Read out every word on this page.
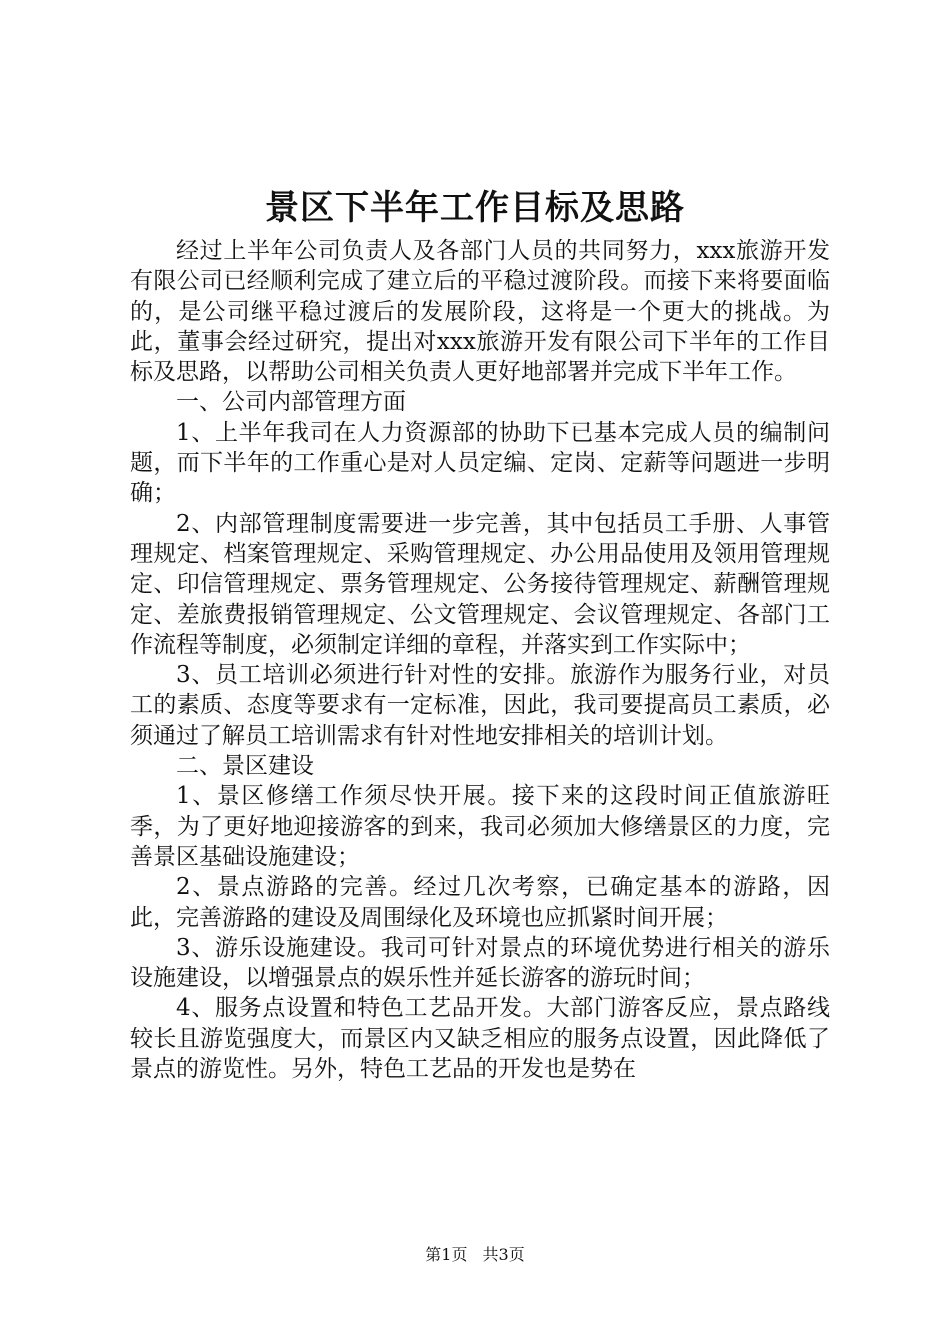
景区下半年工作目标及思路

经过上半年公司负责人及各部门人员的共同努力，xxx旅游开发有限公司已经顺利完成了建立后的平稳过渡阶段。而接下来将要面临的，是公司继平稳过渡后的发展阶段，这将是一个更大的挑战。为此，董事会经过研究，提出对xxx旅游开发有限公司下半年的工作目标及思路，以帮助公司相关负责人更好地部署并完成下半年工作。

一、公司内部管理方面

1、上半年我司在人力资源部的协助下已基本完成人员的编制问题，而下半年的工作重心是对人员定编、定岗、定薪等问题进一步明确；

2、内部管理制度需要进一步完善，其中包括员工手册、人事管理规定、档案管理规定、采购管理规定、办公用品使用及领用管理规定、印信管理规定、票务管理规定、公务接待管理规定、薪酬管理规定、差旅费报销管理规定、公文管理规定、会议管理规定、各部门工作流程等制度，必须制定详细的章程，并落实到工作实际中；

3、员工培训必须进行针对性的安排。旅游作为服务行业，对员工的素质、态度等要求有一定标准，因此，我司要提高员工素质，必须通过了解员工培训需求有针对性地安排相关的培训计划。

二、景区建设

1、景区修缮工作须尽快开展。接下来的这段时间正值旅游旺季，为了更好地迎接游客的到来，我司必须加大修缮景区的力度，完善景区基础设施建设；

2、景点游路的完善。经过几次考察，已确定基本的游路，因此，完善游路的建设及周围绿化及环境也应抓紧时间开展；

3、游乐设施建设。我司可针对景点的环境优势进行相关的游乐设施建设，以增强景点的娱乐性并延长游客的游玩时间；

4、服务点设置和特色工艺品开发。大部门游客反应，景点路线较长且游览强度大，而景区内又缺乏相应的服务点设置，因此降低了景点的游览性。另外，特色工艺品的开发也是势在

第1页 共3页
